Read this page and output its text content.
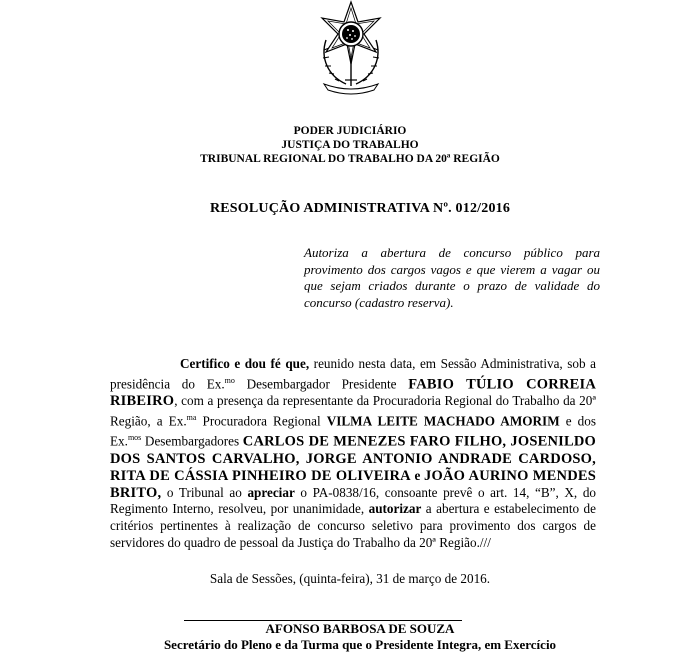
PODER JUDICIÁRIO
JUSTIÇA DO TRABALHO
TRIBUNAL REGIONAL DO TRABALHO DA 20ª REGIÃO
RESOLUÇÃO ADMINISTRATIVA Nº. 012/2016
Autoriza a abertura de concurso público para provimento dos cargos vagos e que vierem a vagar ou que sejam criados durante o prazo de validade do concurso (cadastro reserva).
Certifico e dou fé que, reunido nesta data, em Sessão Administrativa, sob a presidência do Ex.$^{mo}$ Desembargador Presidente FABIO TÚLIO CORREIA RIBEIRO, com a presença da representante da Procuradoria Regional do Trabalho da 20ª Região, a Ex.$^{ma}$ Procuradora Regional VILMA LEITE MACHADO AMORIM e dos Ex.$^{mos}$ Desembargadores CARLOS DE MENEZES FARO FILHO, JOSENILDO DOS SANTOS CARVALHO, JORGE ANTONIO ANDRADE CARDOSO, RITA DE CÁSSIA PINHEIRO DE OLIVEIRA e JOÃO AURINO MENDES BRITO, o Tribunal ao apreciar o PA-0838/16, consoante prevê o art. 14, “B”, X, do Regimento Interno, resolveu, por unanimidade, autorizar a abertura e estabelecimento de critérios pertinentes à realização de concurso seletivo para provimento dos cargos de servidores do quadro de pessoal da Justiça do Trabalho da 20ª Região.///
Sala de Sessões, (quinta-feira), 31 de março de 2016.
AFONSO BARBOSA DE SOUZA
Secretário do Pleno e da Turma que o Presidente Integra, em Exercício
